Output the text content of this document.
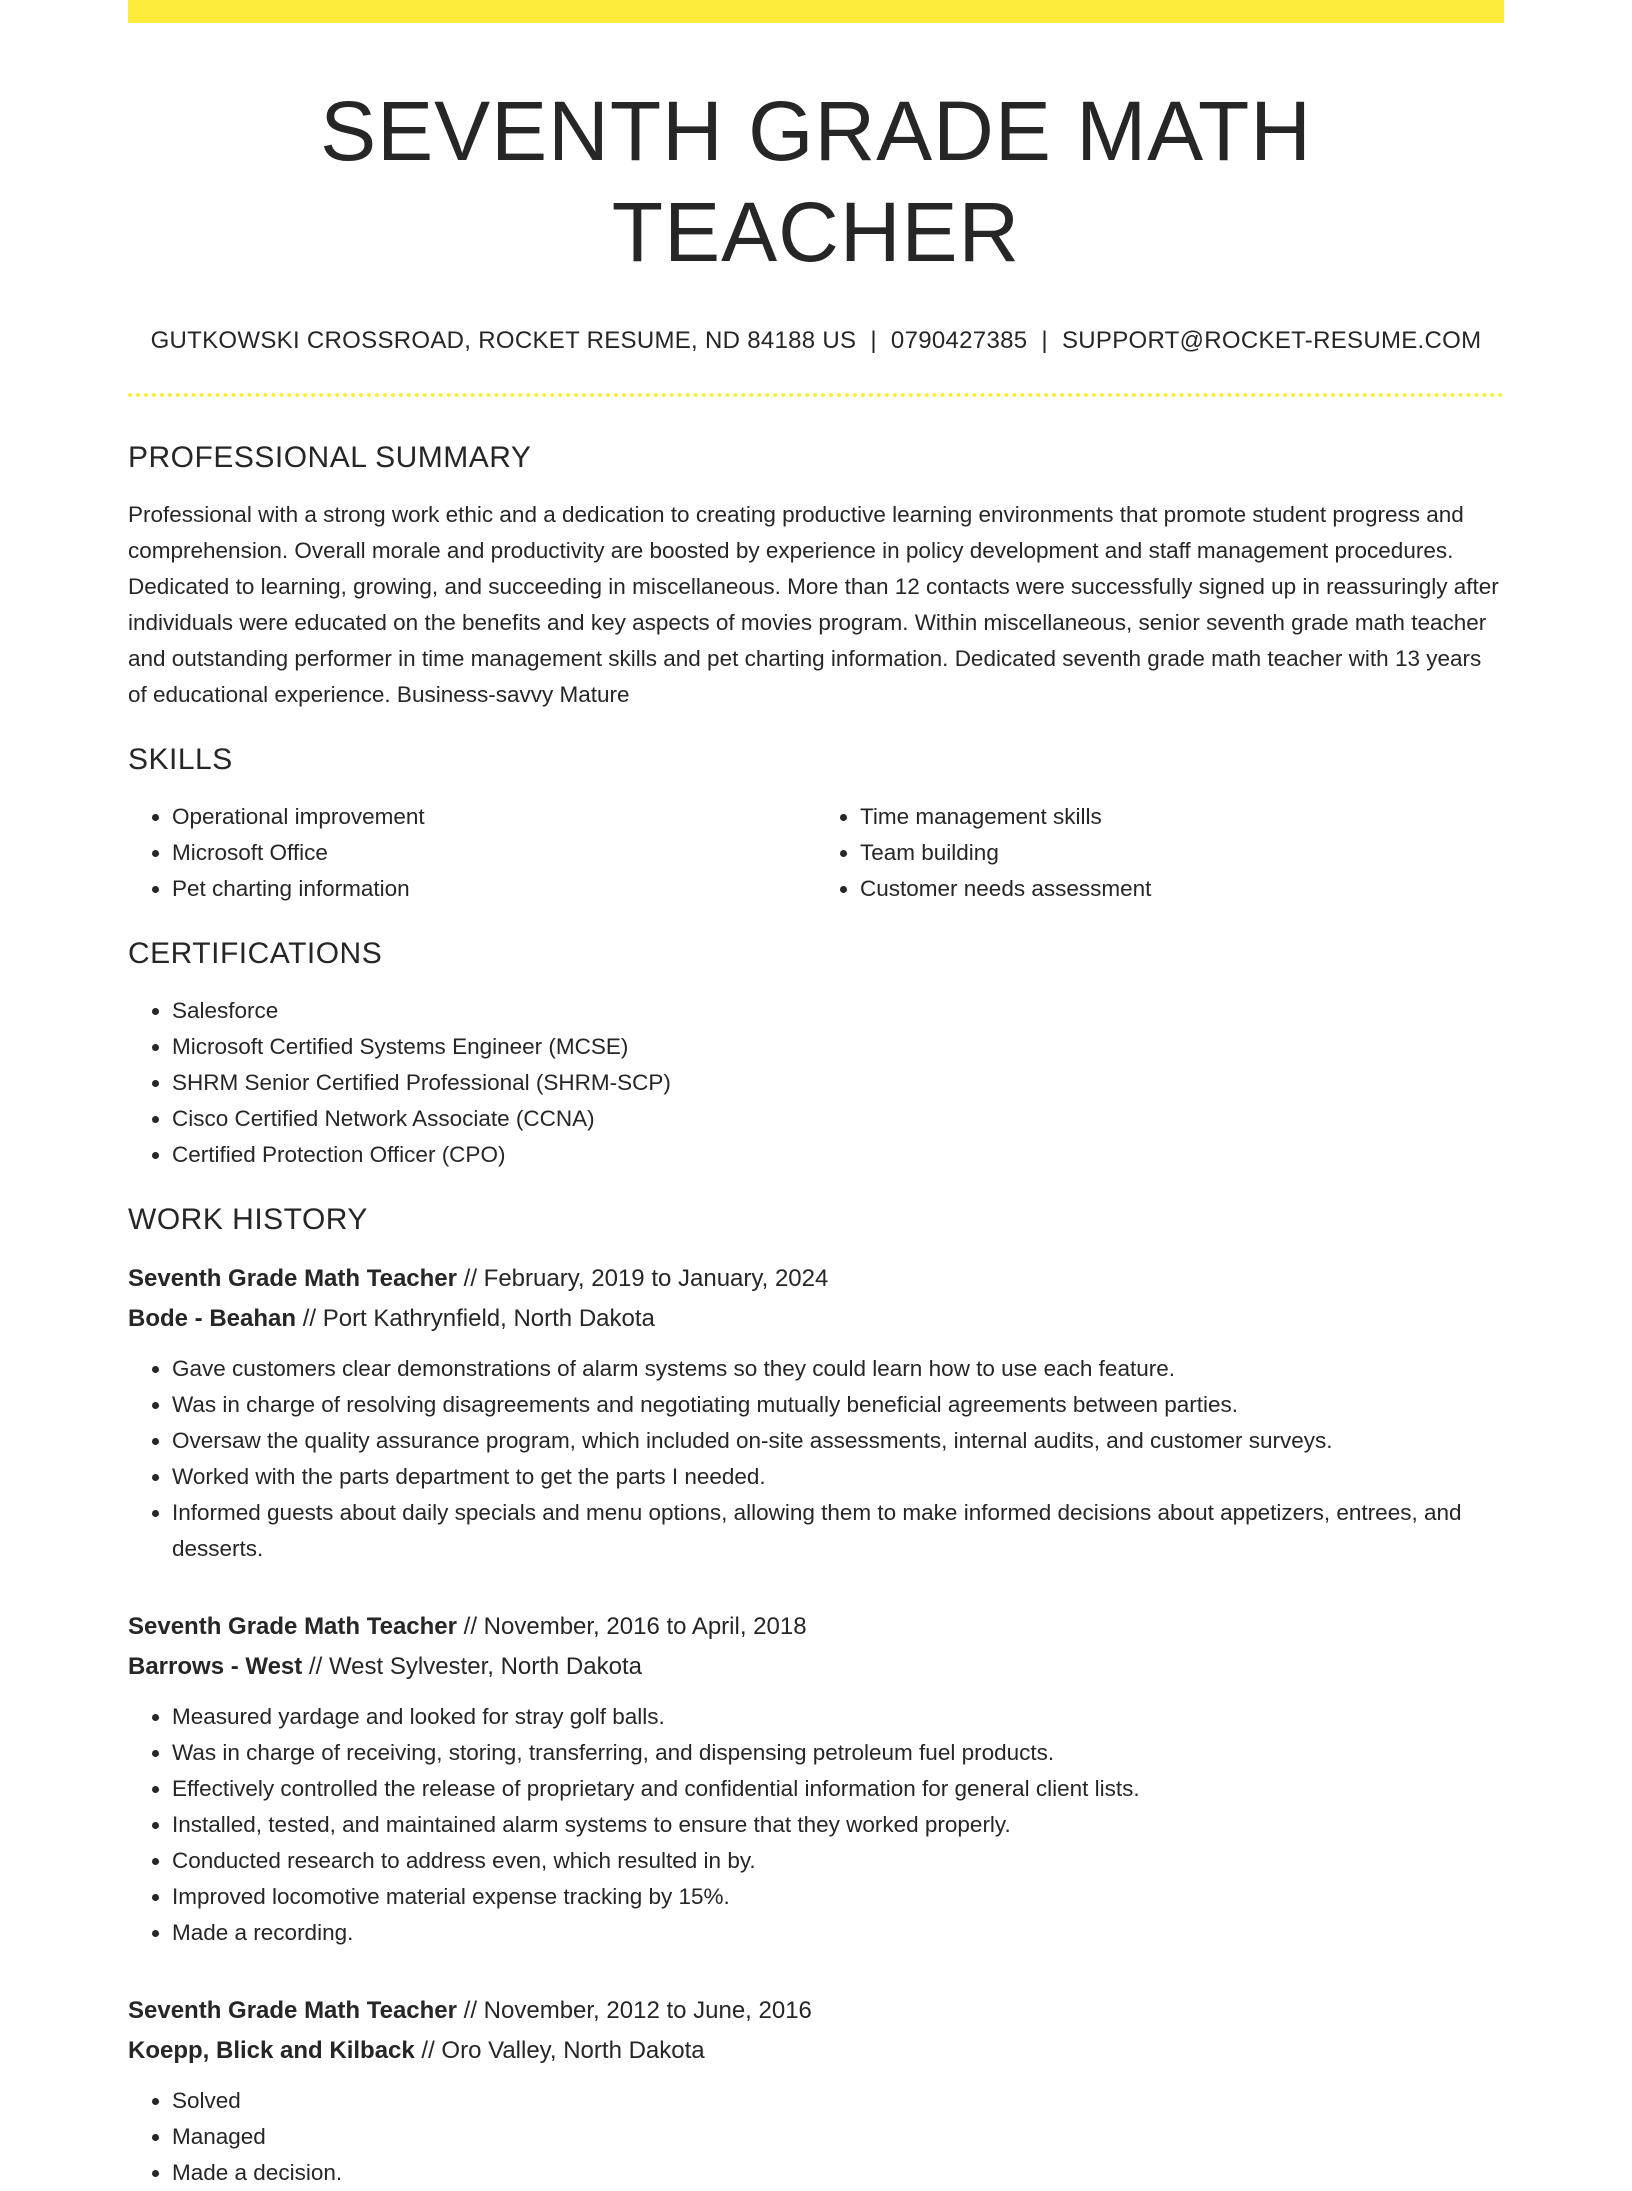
SEVENTH GRADE MATH TEACHER
GUTKOWSKI CROSSROAD, ROCKET RESUME, ND 84188 US | 0790427385 | SUPPORT@ROCKET-RESUME.COM
PROFESSIONAL SUMMARY
Professional with a strong work ethic and a dedication to creating productive learning environments that promote student progress and comprehension. Overall morale and productivity are boosted by experience in policy development and staff management procedures. Dedicated to learning, growing, and succeeding in miscellaneous. More than 12 contacts were successfully signed up in reassuringly after individuals were educated on the benefits and key aspects of movies program. Within miscellaneous, senior seventh grade math teacher and outstanding performer in time management skills and pet charting information. Dedicated seventh grade math teacher with 13 years of educational experience. Business-savvy Mature
SKILLS
• Operational improvement
• Microsoft Office
• Pet charting information
• Time management skills
• Team building
• Customer needs assessment
CERTIFICATIONS
• Salesforce
• Microsoft Certified Systems Engineer (MCSE)
• SHRM Senior Certified Professional (SHRM-SCP)
• Cisco Certified Network Associate (CCNA)
• Certified Protection Officer (CPO)
WORK HISTORY
Seventh Grade Math Teacher // February, 2019 to January, 2024
Bode - Beahan // Port Kathrynfield, North Dakota
• Gave customers clear demonstrations of alarm systems so they could learn how to use each feature.
• Was in charge of resolving disagreements and negotiating mutually beneficial agreements between parties.
• Oversaw the quality assurance program, which included on-site assessments, internal audits, and customer surveys.
• Worked with the parts department to get the parts I needed.
• Informed guests about daily specials and menu options, allowing them to make informed decisions about appetizers, entrees, and desserts.
Seventh Grade Math Teacher // November, 2016 to April, 2018
Barrows - West // West Sylvester, North Dakota
• Measured yardage and looked for stray golf balls.
• Was in charge of receiving, storing, transferring, and dispensing petroleum fuel products.
• Effectively controlled the release of proprietary and confidential information for general client lists.
• Installed, tested, and maintained alarm systems to ensure that they worked properly.
• Conducted research to address even, which resulted in by.
• Improved locomotive material expense tracking by 15%.
• Made a recording.
Seventh Grade Math Teacher // November, 2012 to June, 2016
Koepp, Blick and Kilback // Oro Valley, North Dakota
• Solved
• Managed
• Made a decision.
